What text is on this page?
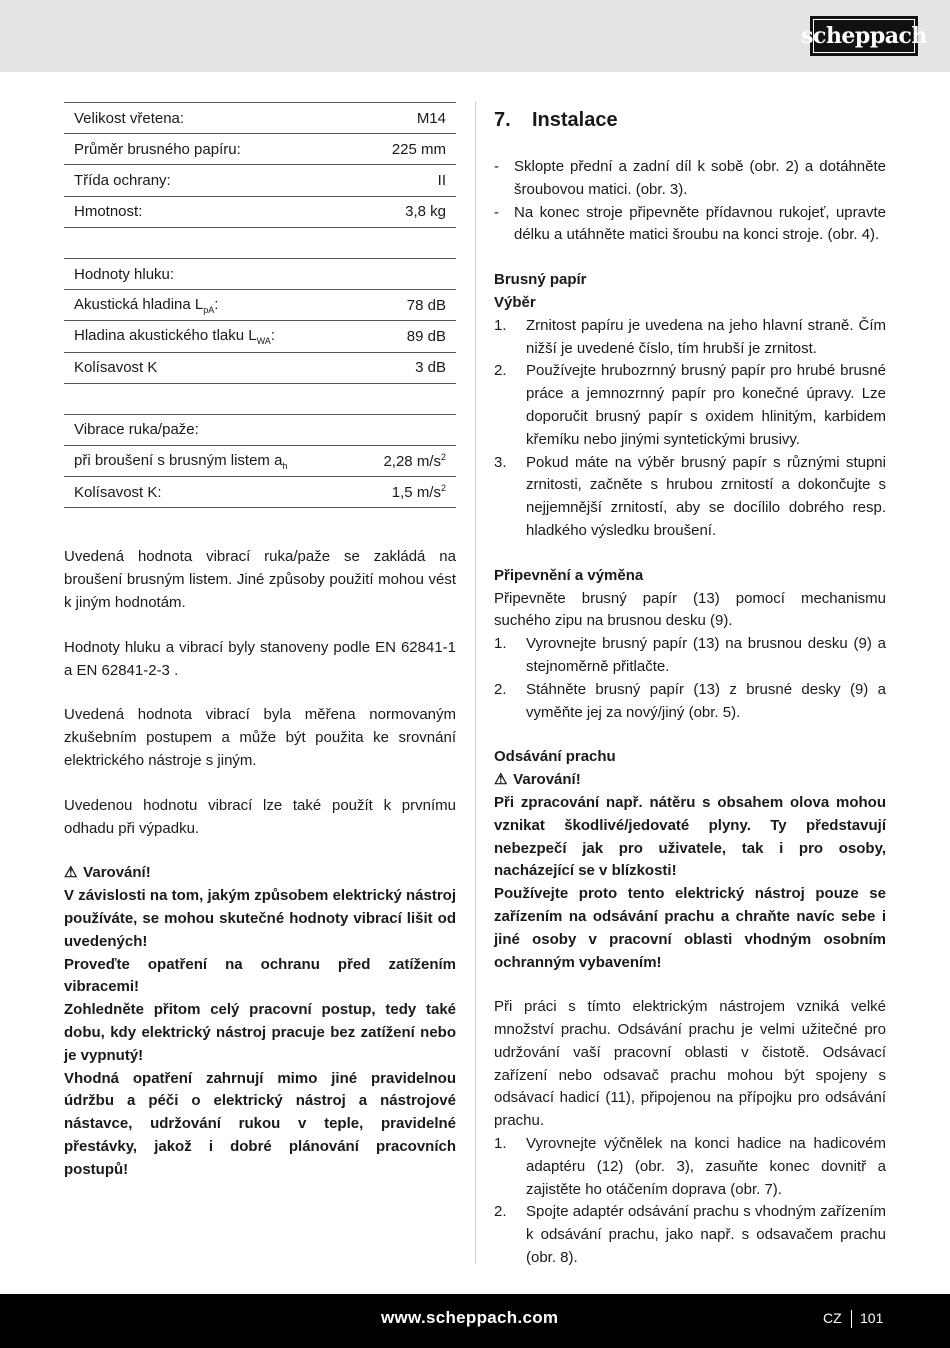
scheppach
Velikost vřetena:	M14
Průměr brusného papíru:	225 mm
Třída ochrany:	II
Hmotnost:	3,8 kg
Hodnoty hluku:
Akustická hladina $L_{pA}$:	78 dB
Hladina akustického tlaku $L_{WA}$:	89 dB
Kolísavost K	3 dB
Vibrace ruka/paže:
při broušení s brusným listem $a_h$	2,28 $m/s^2$
Kolísavost K:	1,5 $m/s^2$

Uvedená hodnota vibrací ruka/paže se zakládá na broušení brusným listem. Jiné způsoby použití mohou vést k jiným hodnotám.

Hodnoty hluku a vibrací byly stanoveny podle EN 62841-1 a EN 62841-2-3 .

Uvedená hodnota vibrací byla měřena normovaným zkušebním postupem a může být použita ke srovnání elektrického nástroje s jiným.

Uvedenou hodnotu vibrací lze také použít k prvnímu odhadu při výpadku.

⚠ Varování!

V závislosti na tom, jakým způsobem elektrický nástroj používáte, se mohou skutečné hodnoty vibrací lišit od uvedených!

Proveďte opatření na ochranu před zatížením vibracemi!

Zohledněte přitom celý pracovní postup, tedy také dobu, kdy elektrický nástroj pracuje bez zatížení nebo je vypnutý!

Vhodná opatření zahrnují mimo jiné pravidelnou údržbu a péči o elektrický nástroj a nástrojové nástavce, udržování rukou v teple, pravidelné přestávky, jakož i dobré plánování pracovních postupů!

7. Instalace
- Sklopte přední a zadní díl k sobě (obr. 2) a dotáhněte šroubovou matici. (obr. 3).
- Na konec stroje připevněte přídavnou rukojeť, upravte délku a utáhněte matici šroubu na konci stroje. (obr. 4).

Brusný papír

Výběr

1. Zrnitost papíru je uvedena na jeho hlavní straně. Čím nižší je uvedené číslo, tím hrubší je zrnitost.
2. Používejte hrubozrnný brusný papír pro hrubé brusné práce a jemnozrnný papír pro konečné úpravy. Lze doporučit brusný papír s oxidem hlinitým, karbidem křemíku nebo jinými syntetickými brusivy.
3. Pokud máte na výběr brusný papír s různými stupni zrnitosti, začněte s hrubou zrnitostí a dokončujte s nejjemnější zrnitostí, aby se docílilo dobrého resp. hladkého výsledku broušení.

Připevnění a výměna

Připevněte brusný papír (13) pomocí mechanismu suchého zipu na brusnou desku (9).

1. Vyrovnejte brusný papír (13) na brusnou desku (9) a stejnoměrně přitlačte.
2. Stáhněte brusný papír (13) z brusné desky (9) a vyměňte jej za nový/jiný (obr. 5).

Odsávání prachu

⚠ Varování!

Při zpracování např. nátěru s obsahem olova mohou vznikat škodlivé/jedovaté plyny. Ty představují nebezpečí jak pro uživatele, tak i pro osoby, nacházející se v blízkosti!

Používejte proto tento elektrický nástroj pouze se zařízením na odsávání prachu a chraňte navíc sebe i jiné osoby v pracovní oblasti vhodným osobním ochranným vybavením!

Při práci s tímto elektrickým nástrojem vzniká velké množství prachu. Odsávání prachu je velmi užitečné pro udržování vaší pracovní oblasti v čistotě. Odsávací zařízení nebo odsavač prachu mohou být spojeny s odsávací hadicí (11), připojenou na přípojku pro odsávání prachu.

1. Vyrovnejte výčnělek na konci hadice na hadicovém adaptéru (12) (obr. 3), zasuňte konec dovnitř a zajistěte ho otáčením doprava (obr. 7).
2. Spojte adaptér odsávání prachu s vhodným zařízením k odsávání prachu, jako např. s odsavačem prachu (obr. 8).
www.scheppach.com	CZ 101
